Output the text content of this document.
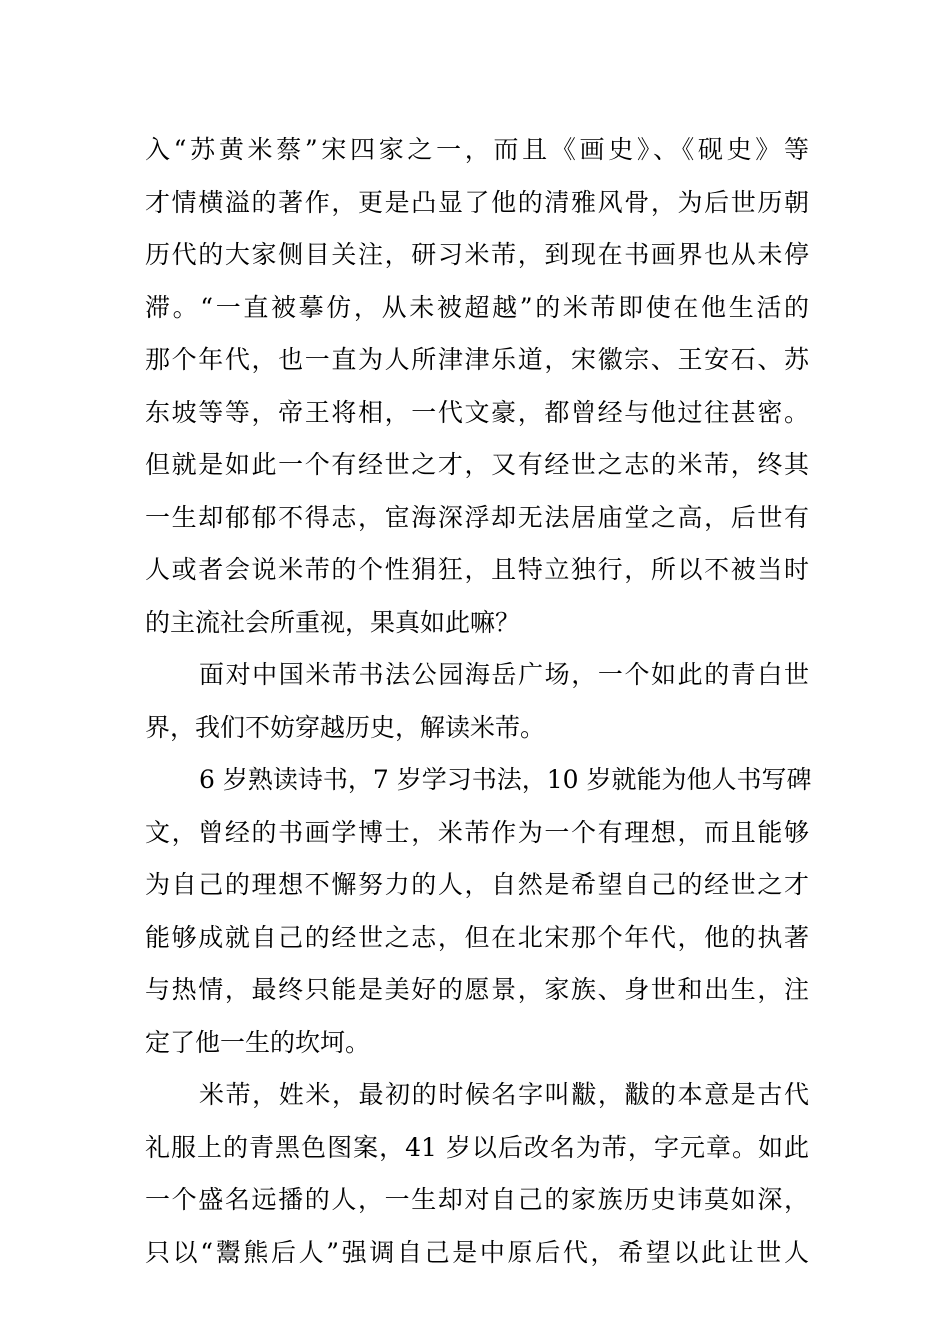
入“苏黄米蔡”宋四家之一，而且《画史》、《砚史》等
才情横溢的著作，更是凸显了他的清雅风骨，为后世历朝
历代的大家侧目关注，研习米芾，到现在书画界也从未停
滞。“一直被摹仿，从未被超越”的米芾即使在他生活的
那个年代，也一直为人所津津乐道，宋徽宗、王安石、苏
东坡等等，帝王将相，一代文豪，都曾经与他过往甚密。
但就是如此一个有经世之才，又有经世之志的米芾，终其
一生却郁郁不得志，宦海深浮却无法居庙堂之高，后世有
人或者会说米芾的个性狷狂，且特立独行，所以不被当时
的主流社会所重视，果真如此嘛？
面对中国米芾书法公园海岳广场，一个如此的青白世
界，我们不妨穿越历史，解读米芾。
6 岁熟读诗书，7 岁学习书法，10 岁就能为他人书写碑
文，曾经的书画学博士，米芾作为一个有理想，而且能够
为自己的理想不懈努力的人，自然是希望自己的经世之才
能够成就自己的经世之志，但在北宋那个年代，他的执著
与热情，最终只能是美好的愿景，家族、身世和出生，注
定了他一生的坎坷。
米芾，姓米，最初的时候名字叫黻，黻的本意是古代
礼服上的青黑色图案，41 岁以后改名为芾，字元章。如此
一个盛名远播的人，一生却对自己的家族历史讳莫如深，
只以“鬻熊后人”强调自己是中原后代，希望以此让世人
